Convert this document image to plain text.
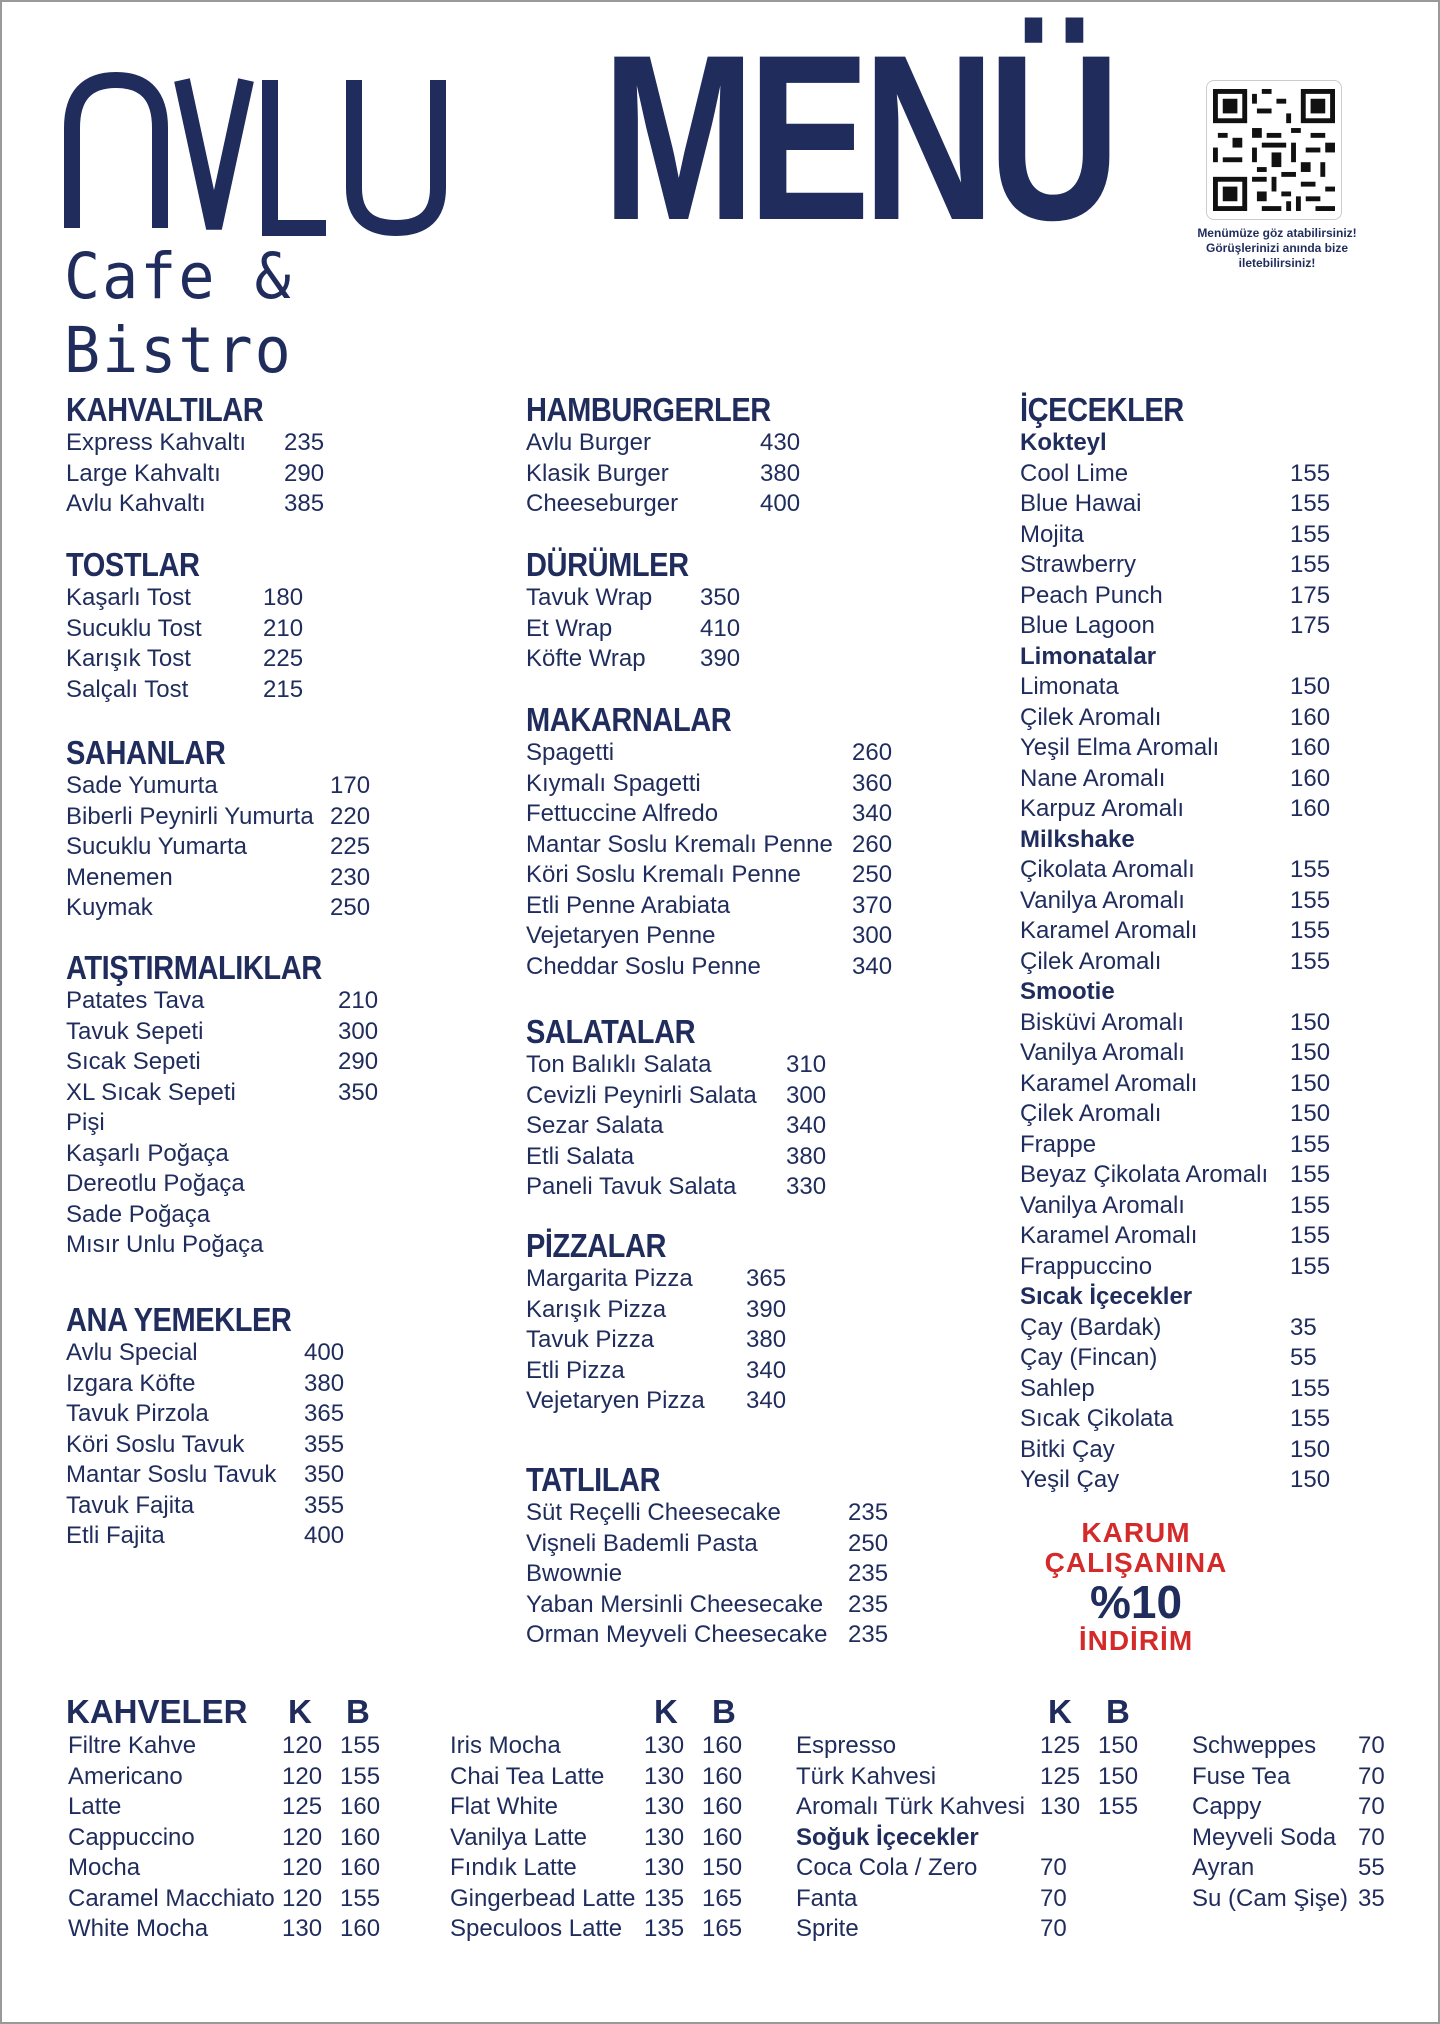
Cafe & Bistro
MENÜ	Menümüze göz atabilirsiniz!
Görüşlerinizi anında bize
iletebilirsiniz!
KAHVALTILAR
Express Kahvaltı	235
Large Kahvaltı	290
Avlu Kahvaltı	385
TOSTLAR
Kaşarlı Tost	180
Sucuklu Tost	210
Karışık Tost	225
Salçalı Tost	215
SAHANLAR
Sade Yumurta	170
Biberli Peynirli Yumurta 220
Sucuklu Yumarta	225
Menemen	230
Kuymak	250
ATIŞTIRMALIKLAR
Patates Tava	210
Tavuk Sepeti	300
Sıcak Sepeti	290
XL Sıcak Sepeti	350
Pişi
Kaşarlı Poğaça
Dereotlu Poğaça
Sade Poğaça
Mısır Unlu Poğaça
ANA YEMEKLER
Avlu Special	400
Izgara Köfte	380
Tavuk Pirzola	365
Köri Soslu Tavuk	355
Mantar Soslu Tavuk	350
Tavuk Fajita	355
Etli Fajita	400
HAMBURGERLER
Avlu Burger	430
Klasik Burger	380
Cheeseburger	400
DÜRÜMLER
Tavuk Wrap	350
Et Wrap	410
Köfte Wrap	390
MAKARNALAR
Spagetti	260
Kıymalı Spagetti	360
Fettuccine Alfredo	340
Mantar Soslu Kremalı Penne 260
Köri Soslu Kremalı Penne	250
Etli Penne Arabiata	370
Vejetaryen Penne	300
Cheddar Soslu Penne	340
SALATALAR
Ton Balıklı Salata	310
Cevizli Peynirli Salata	300
Sezar Salata	340
Etli Salata	380
Paneli Tavuk Salata	330
PİZZALAR
Margarita Pizza	365
Karışık Pizza	390
Tavuk Pizza	380
Etli Pizza	340
Vejetaryen Pizza	340
TATLILAR
Süt Reçelli Cheesecake	235
Vişneli Bademli Pasta	250
Bwownie	235
Yaban Mersinli Cheesecake	235
Orman Meyveli Cheesecake 235
İÇECEKLER
Kokteyl
Cool Lime	155
Blue Hawai	155
Mojita	155
Strawberry	155
Peach Punch	175
Blue Lagoon	175
Limonatalar
Limonata	150
Çilek Aromalı	160
Yeşil Elma Aromalı	160
Nane Aromalı	160
Karpuz Aromalı	160
Milkshake
Çikolata Aromalı	155
Vanilya Aromalı	155
Karamel Aromalı	155
Çilek Aromalı	155
Smootie
Bisküvi Aromalı	150
Vanilya Aromalı	150
Karamel Aromalı	150
Çilek Aromalı	150
Frappe	155
Beyaz Çikolata Aromalı 155
Vanilya Aromalı	155
Karamel Aromalı	155
Frappuccino	155
Sıcak İçecekler
Çay (Bardak)	35
Çay (Fincan)	55
Sahlep	155
Sıcak Çikolata	155
Bitki Çay	150
Yeşil Çay	150
KARUM
ÇALIŞANINA
%10
İNDİRİM
KAHVELER K B	K B	K B
Filtre Kahve	120 155
Americano	120 155
Latte	125 160
Cappuccino	120 160
Mocha	120 160
Caramel Macchiato 120 155
White Mocha	130 160
Iris Mocha	130 160
Chai Tea Latte	130 160
Flat White	130 160
Vanilya Latte	130 160
Fındık Latte	130 150
Gingerbead Latte 135 165
Speculoos Latte 135 165
Espresso	125 150
Türk Kahvesi	125 150
Aromalı Türk Kahvesi 130 155
Soğuk İçecekler
Coca Cola / Zero	70
Fanta	70
Sprite	70
Schweppes	70
Fuse Tea	70
Cappy	70
Meyveli Soda 70
Ayran	55
Su (Cam Şişe) 35
